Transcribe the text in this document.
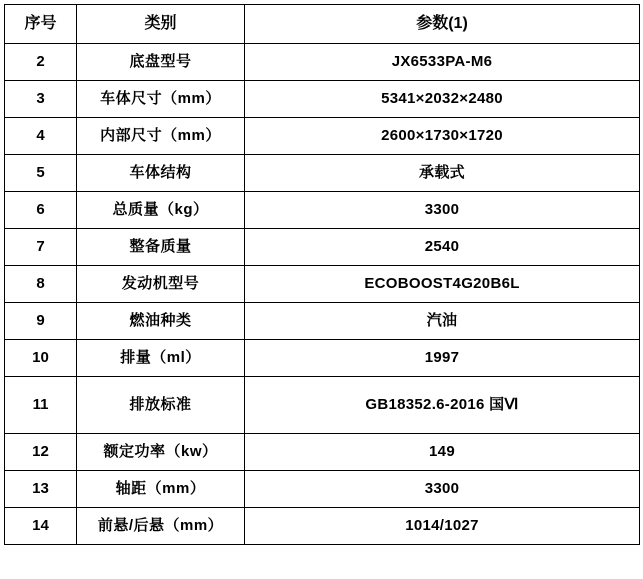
序号	类别	参数(1)
2	底盘型号	JX6533PA-M6
3	车体尺寸（mm）	5341×2032×2480
4	内部尺寸（mm）	2600×1730×1720
5	车体结构	承载式
6	总质量（kg）	3300
7	整备质量	2540
8	发动机型号	ECOBOOST4G20B6L
9	燃油种类	汽油
10	排量（ml）	1997
11	排放标准	GB18352.6-2016 国Ⅵ
12	额定功率（kw）	149
13	轴距（mm）	3300
14	前悬/后悬（mm）	1014/1027
